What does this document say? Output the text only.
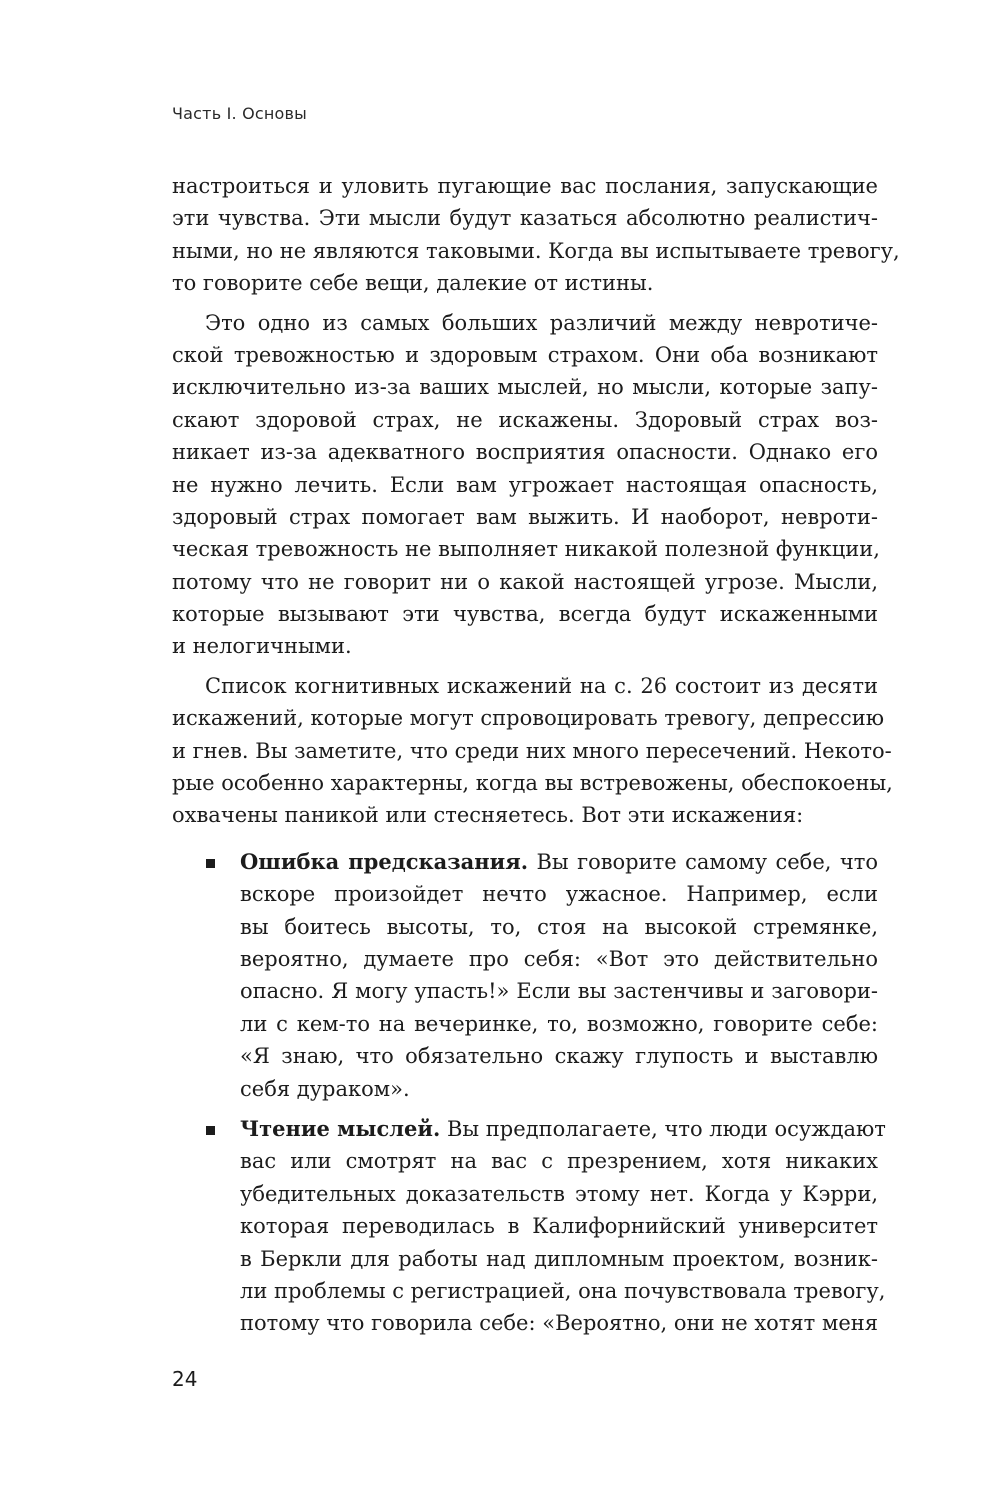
Часть I. Основы
настроиться и уловить пугающие вас послания, запускающие
эти чувства. Эти мысли будут казаться абсолютно реалистич-
ными, но не являются таковыми. Когда вы испытываете тревогу,
то говорите себе вещи, далекие от истины.
Это одно из самых больших различий между невротиче-
ской тревожностью и здоровым страхом. Они оба возникают
исключительно из-за ваших мыслей, но мысли, которые запу-
скают здоровой страх, не искажены. Здоровый страх воз-
никает из-за адекватного восприятия опасности. Однако его
не нужно лечить. Если вам угрожает настоящая опасность,
здоровый страх помогает вам выжить. И наоборот, невроти-
ческая тревожность не выполняет никакой полезной функции,
потому что не говорит ни о какой настоящей угрозе. Мысли,
которые вызывают эти чувства, всегда будут искаженными
и нелогичными.
Список когнитивных искажений на с. 26 состоит из десяти
искажений, которые могут спровоцировать тревогу, депрессию
и гнев. Вы заметите, что среди них много пересечений. Некото-
рые особенно характерны, когда вы встревожены, обеспокоены,
охвачены паникой или стесняетесь. Вот эти искажения:
Ошибка предсказания. Вы говорите самому себе, что
вскоре произойдет нечто ужасное. Например, если
вы боитесь высоты, то, стоя на высокой стремянке,
вероятно, думаете про себя: «Вот это действительно
опасно. Я могу упасть!» Если вы застенчивы и заговори-
ли с кем-то на вечеринке, то, возможно, говорите себе:
«Я знаю, что обязательно скажу глупость и выставлю
себя дураком».
Чтение мыслей. Вы предполагаете, что люди осуждают
вас или смотрят на вас с презрением, хотя никаких
убедительных доказательств этому нет. Когда у Кэрри,
которая переводилась в Калифорнийский университет
в Беркли для работы над дипломным проектом, возник-
ли проблемы с регистрацией, она почувствовала тревогу,
потому что говорила себе: «Вероятно, они не хотят меня
24
